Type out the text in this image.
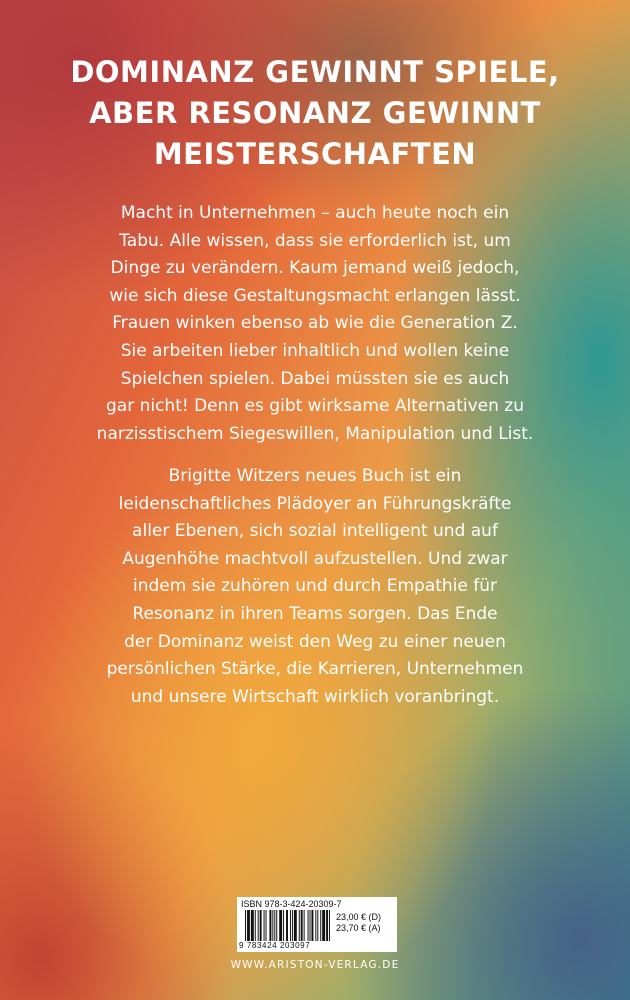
DOMINANZ GEWINNT SPIELE,
ABER RESONANZ GEWINNT
MEISTERSCHAFTEN

Macht in Unternehmen – auch heute noch ein
Tabu. Alle wissen, dass sie erforderlich ist, um
Dinge zu verändern. Kaum jemand weiß jedoch,
wie sich diese Gestaltungsmacht erlangen lässt.
Frauen winken ebenso ab wie die Generation Z.
Sie arbeiten lieber inhaltlich und wollen keine
Spielchen spielen. Dabei müssten sie es auch
gar nicht! Denn es gibt wirksame Alternativen zu
narzisstischem Siegeswillen, Manipulation und List.

Brigitte Witzers neues Buch ist ein
leidenschaftliches Plädoyer an Führungskräfte
aller Ebenen, sich sozial intelligent und auf
Augenhöhe machtvoll aufzustellen. Und zwar
indem sie zuhören und durch Empathie für
Resonanz in ihren Teams sorgen. Das Ende
der Dominanz weist den Weg zu einer neuen
persönlichen Stärke, die Karrieren, Unternehmen
und unsere Wirtschaft wirklich voranbringt.

ISBN 978-3-424-20309-7
9 783424 203097
23,00 € (D)
23,70 € (A)
WWW.ARISTON-VERLAG.DE
